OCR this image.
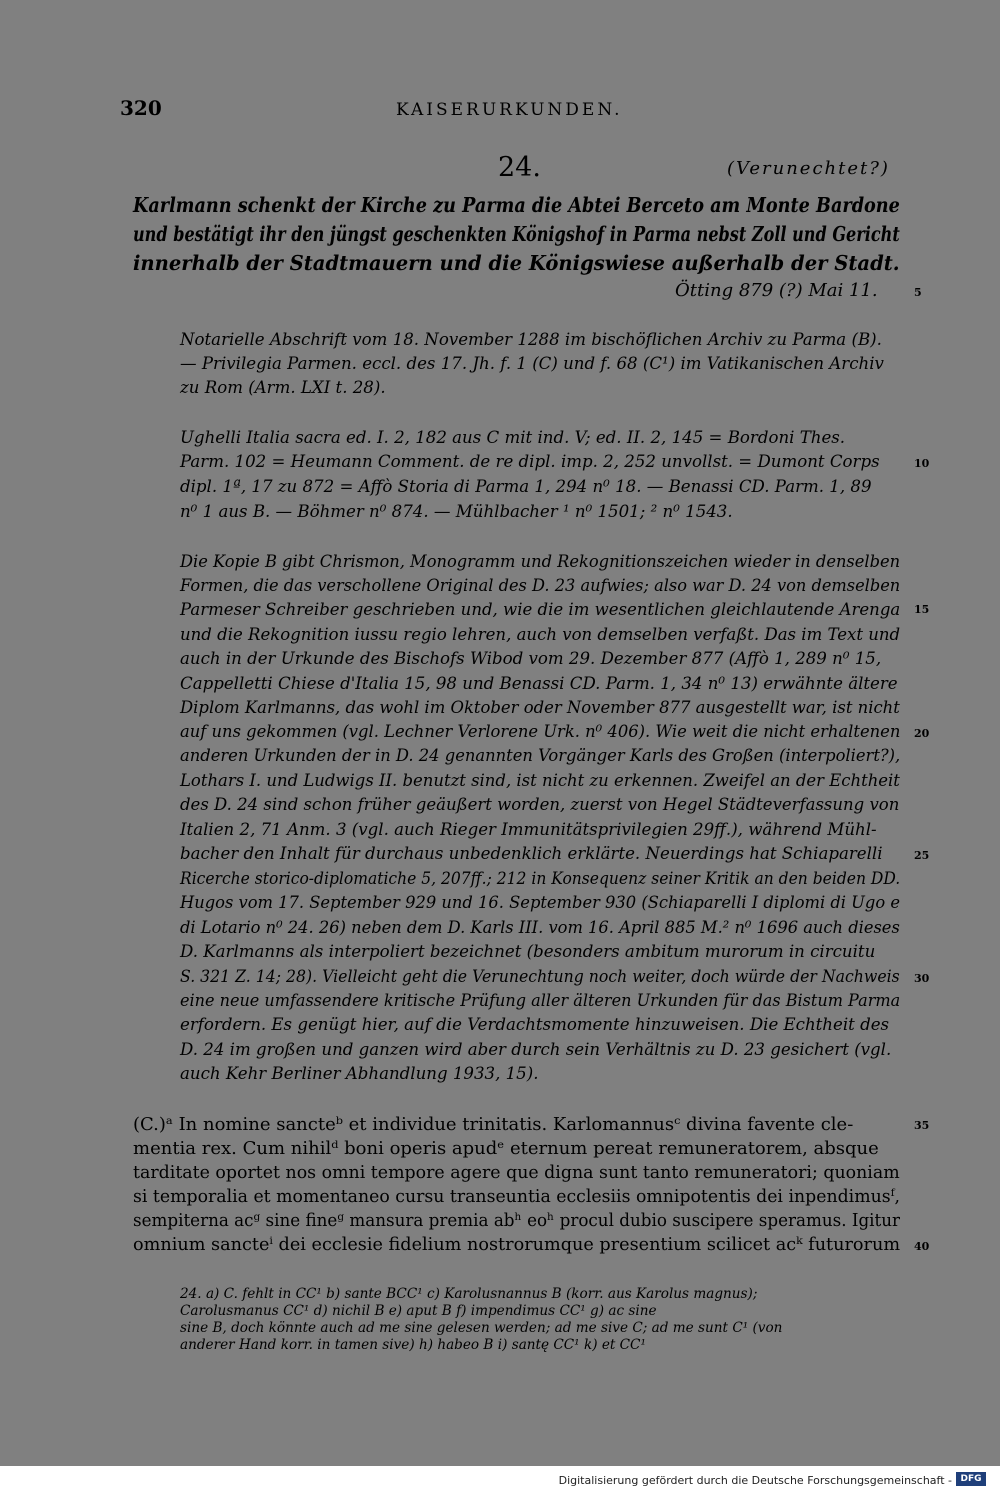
320	KAISERURKUNDEN.
24.	(Verunechtet?)
Karlmann schenkt der Kirche zu Parma die Abtei Berceto am Monte Bardone
und bestätigt ihr den jüngst geschenkten Königshof in Parma nebst Zoll und Gericht
innerhalb der Stadtmauern und die Königswiese außerhalb der Stadt.
Ötting 879 (?) Mai 11.
Notarielle Abschrift vom 18. November 1288 im bischöflichen Archiv zu Parma (B).
— Privilegia Parmen. eccl. des 17. Jh. f. 1 (C) und f. 68 (C¹) im Vatikanischen Archiv
zu Rom (Arm. LXI t. 28).
Ughelli Italia sacra ed. I. 2, 182 aus C mit ind. V; ed. II. 2, 145 = Bordoni Thes.
Parm. 102 = Heumann Comment. de re dipl. imp. 2, 252 unvollst. = Dumont Corps
dipl. 1ª, 17 zu 872 = Affò Storia di Parma 1, 294 n⁰ 18. — Benassi CD. Parm. 1, 89
n⁰ 1 aus B. — Böhmer n⁰ 874. — Mühlbacher ¹ n⁰ 1501; ² n⁰ 1543.
Die Kopie B gibt Chrismon, Monogramm und Rekognitionszeichen wieder in denselben
Formen, die das verschollene Original des D. 23 aufwies; also war D. 24 von demselben
Parmeser Schreiber geschrieben und, wie die im wesentlichen gleichlautende Arenga
und die Rekognition iussu regio lehren, auch von demselben verfaßt. Das im Text und
auch in der Urkunde des Bischofs Wibod vom 29. Dezember 877 (Affò 1, 289 n⁰ 15,
Cappelletti Chiese d'Italia 15, 98 und Benassi CD. Parm. 1, 34 n⁰ 13) erwähnte ältere
Diplom Karlmanns, das wohl im Oktober oder November 877 ausgestellt war, ist nicht
auf uns gekommen (vgl. Lechner Verlorene Urk. n⁰ 406). Wie weit die nicht erhaltenen
anderen Urkunden der in D. 24 genannten Vorgänger Karls des Großen (interpoliert?),
Lothars I. und Ludwigs II. benutzt sind, ist nicht zu erkennen. Zweifel an der Echtheit
des D. 24 sind schon früher geäußert worden, zuerst von Hegel Städteverfassung von
Italien 2, 71 Anm. 3 (vgl. auch Rieger Immunitätsprivilegien 29ff.), während Mühl-
bacher den Inhalt für durchaus unbedenklich erklärte. Neuerdings hat Schiaparelli
Ricerche storico-diplomatiche 5, 207ff.; 212 in Konsequenz seiner Kritik an den beiden DD.
Hugos vom 17. September 929 und 16. September 930 (Schiaparelli I diplomi di Ugo e
di Lotario n⁰ 24. 26) neben dem D. Karls III. vom 16. April 885 M.² n⁰ 1696 auch dieses
D. Karlmanns als interpoliert bezeichnet (besonders ambitum murorum in circuitu
S. 321 Z. 14; 28). Vielleicht geht die Verunechtung noch weiter, doch würde der Nachweis
eine neue umfassendere kritische Prüfung aller älteren Urkunden für das Bistum Parma
erfordern. Es genügt hier, auf die Verdachtsmomente hinzuweisen. Die Echtheit des
D. 24 im großen und ganzen wird aber durch sein Verhältnis zu D. 23 gesichert (vgl.
auch Kehr Berliner Abhandlung 1933, 15).
(C.)ᵃ In nomine sancteᵇ et individue trinitatis. Karlomannusᶜ divina favente cle-
mentia rex. Cum nihilᵈ boni operis apudᵉ eternum pereat remuneratorem, absque
tarditate oportet nos omni tempore agere que digna sunt tanto remuneratori; quoniam
si temporalia et momentaneo cursu transeuntia ecclesiis omnipotentis dei inpendimusᶠ,
sempiterna acᵍ sine fineᵍ mansura premia abʰ eoʰ procul dubio suscipere speramus. Igitur
omnium sancteⁱ dei ecclesie fidelium nostrorumque presentium scilicet acᵏ futurorum
24. a) C. fehlt in CC¹ b) sante BCC¹ c) Karolusnannus B (korr. aus Karolus magnus);
Carolusmanus CC¹ d) nichil B e) aput B f) impendimus CC¹ g) ac sine
sine B, doch könnte auch ad me sine gelesen werden; ad me sive C; ad me sunt C¹ (von
anderer Hand korr. in tamen sive) h) habeo B i) santę CC¹ k) et CC¹
5
10
15
20
25
30
35
40
Digitalisierung gefördert durch die Deutsche Forschungsgemeinschaft - DFG
